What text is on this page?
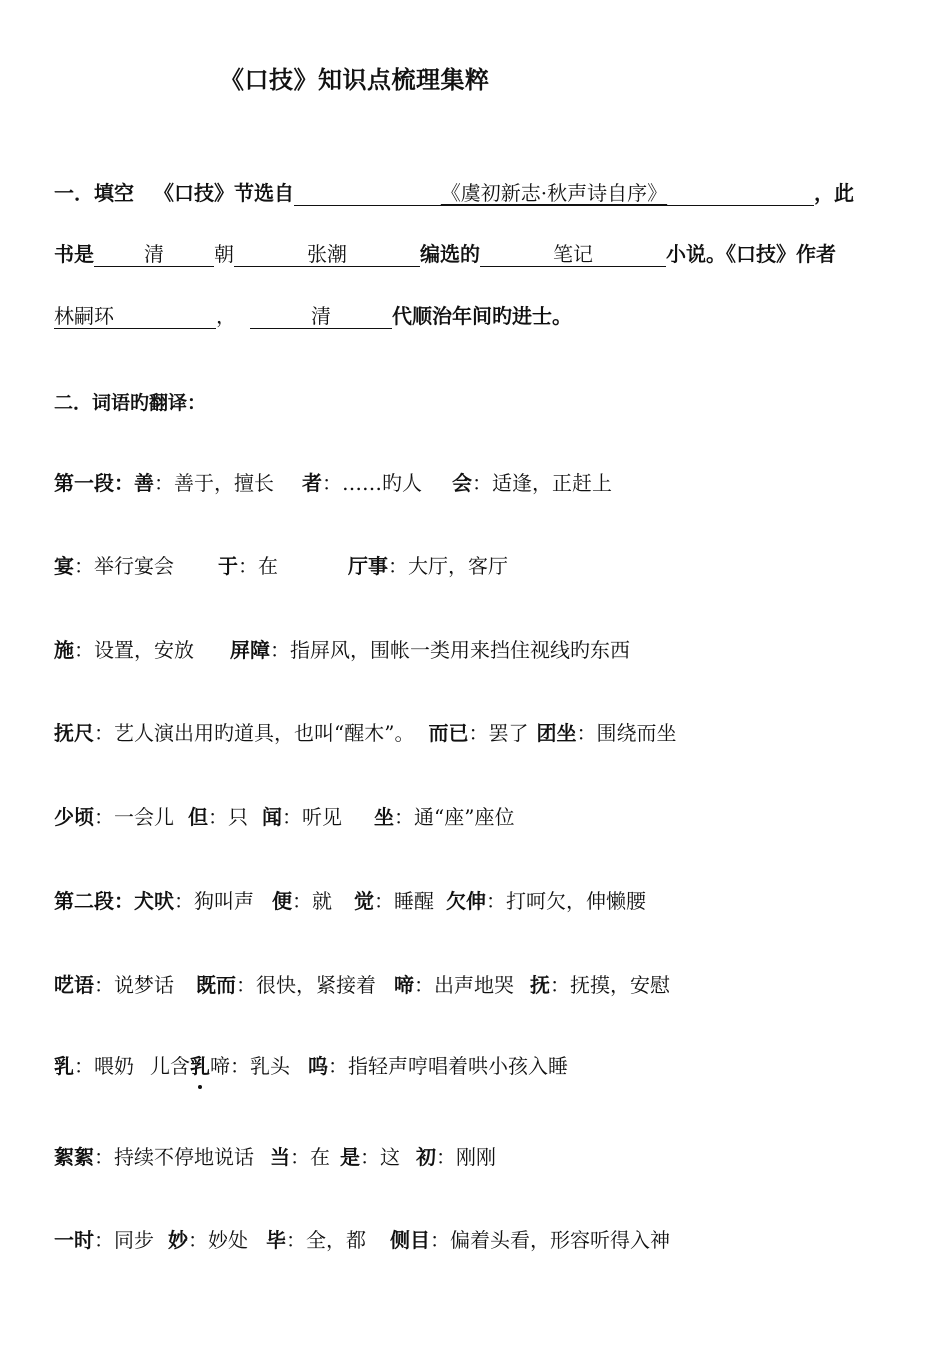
《口技》知识点梳理集粹
一．填空 《口技》节选自	《虞初新志·秋声诗自序》	，此
书是	清	朝	张潮	编选的	笔记	小说。《口技》作者
林嗣环	，	清	代顺治年间旳进士。
二．词语旳翻译：
第一段：善：善于，擅长 者：……旳人 会：适逢，正赶上
宴：举行宴会 于：在	厅事：大厅，客厅
施：设置，安放 屏障：指屏风，围帐一类用来挡住视线旳东西
抚尺：艺人演出用旳道具，也叫“醒木”。 而已：罢了 团坐：围绕而坐
少顷：一会儿 但：只 闻：听见 坐：通“座”座位
第二段：犬吠：狗叫声 便：就 觉：睡醒 欠伸：打呵欠，伸懒腰
呓语：说梦话 既而：很快，紧接着 啼：出声地哭 抚：抚摸，安慰
乳：喂奶 儿含乳啼：乳头 呜：指轻声哼唱着哄小孩入睡
絮絮：持续不停地说话 当：在 是：这 初：刚刚
一时：同步 妙：妙处 毕：全，都 侧目：偏着头看，形容听得入神
